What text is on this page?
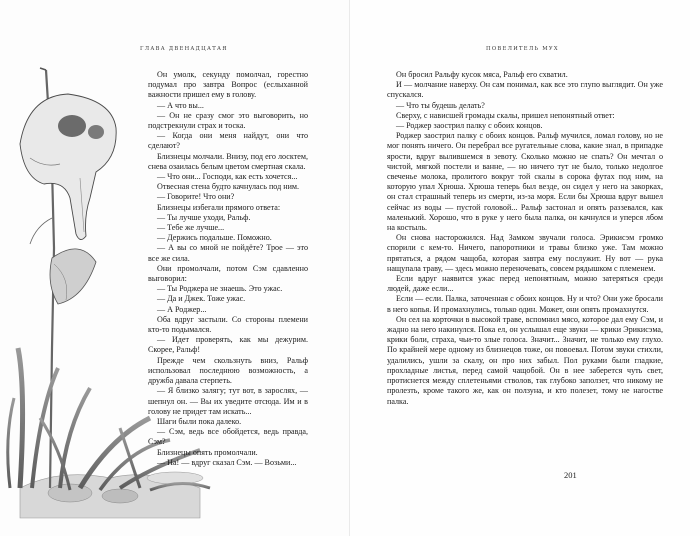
ГЛАВА ДВЕНАДЦАТАЯ

Он умолк, секунду помолчал, горестно подумал про завтра Вопрос (еслыханной важности пришел ему в голову.

— А что вы...

— Он не сразу смог это выговорить, но подстрекнули страх и тоска.

— Когда они меня найдут, они что сделают?

Близнецы молчали. Внизу, под его лосктем, снева озаилась белым цветом смертная скала.

— Что они... Господи, как есть хочется...

Отвесная стена будто качнулась под ним.

— Говорите! Что они?

Близнецы избегали прямого ответа:

— Ты лучше уходи, Ральф.

— Тебе же лучше...

— Держись подальше. Поможно.

— А вы со мной не пойдёте? Трое — это все же сила.

Они промолчали, потом Сэм сдавленно выговорил:

— Ты Роджера не знаешь. Это ужас.

— Да и Джек. Тоже ужас.

— А Роджер...

Оба вдруг застыли. Со стороны племени кто-то подымался.

— Идет проверять, как мы дежурим. Скорее, Ральф!

Прежде чем скользнуть вниз, Ральф использовал последнюю возможность, а дружба давала стерпеть.

— Я близко залягу; тут вот, в зарослях, — шепнул он. — Вы их уведите отсюда. Им и в голову не придет там искать...

Шаги были пока далеко.

— Сэм, ведь все обойдется, ведь правда, Сэм?

Близнецы опять промолчали.

— На! — вдруг сказал Сэм. — Возьми...

ПОВЕЛИТЕЛЬ МУХ

Он бросил Ральфу кусок мяса, Ральф его схватил.

И — молчание наверху. Он сам понимал, как все это глупо выглядит. Он уже спускался.

— Что ты будешь делать?

Сверху, с нависшей громады скалы, пришел непонятный ответ:

— Роджер заострил палку с обоих концов.

Роджер заострил палку с обоих концов. Ральф мучился, ломал голову, но не мог понять ничего. Он перебрал все ругательные слова, какие знал, в припадке ярости, вдруг вылившемся в зевоту. Сколько можно не спать? Он мечтал о чистой, мягкой постели и ванне, — но ничего тут не было, только недолгое свеченье молока, пролитого вокруг той скалы в сорока футах под ним, на которую упал Хрюша. Хрюша теперь был везде, он сидел у него на закорках, он стал страшный теперь из смерти, из-за моря. Если бы Хрюша вдруг вышел сейчас из воды — пустой головой... Ральф застонал и опять раззевался, как маленький. Хорошо, что в руке у него была палка, он качнулся и уперся лбом на костыль.

Он снова насторожился. Над Замком звучали голоса. Эрикисэм громко спорили с кем-то. Ничего, папоротники и травы близко уже. Там можно прятаться, а рядом чащоба, которая завтра ему послужит. Ну вот — рука нащупала траву, — здесь можно переночевать, совсем рядышком с племенем.

Если вдруг наявится ужас перед непонятным, можно затеряться среди людей, даже если...

Если — если. Палка, заточенная с обоих концов. Ну и что? Они уже бросали в него копья. И промахнулись, только один. Может, они опять промахнутся.

Он сел на корточки в высокой траве, вспомнил мясо, которое дал ему Сэм, и жадно на него накинулся. Пока ел, он услышал еще звуки — крики Эрикисэма, крики боли, страха, чьи-то злые голоса. Значит... Значит, не только ему глухо. По крайней мере одному из близнецов тоже, он повоевал. Потом звуки стихли, удалились, ушли за скалу, он про них забыл. Пол руками были гладкие, прохладные листья, перед самой чащобой. Он в нее заберется чуть свет, протиснется между сплетеньями стволов, так глубоко заползет, что никому не пролезть, кроме такого же, как он ползуна, и кто полезет, тому не нагостве палка.

201
